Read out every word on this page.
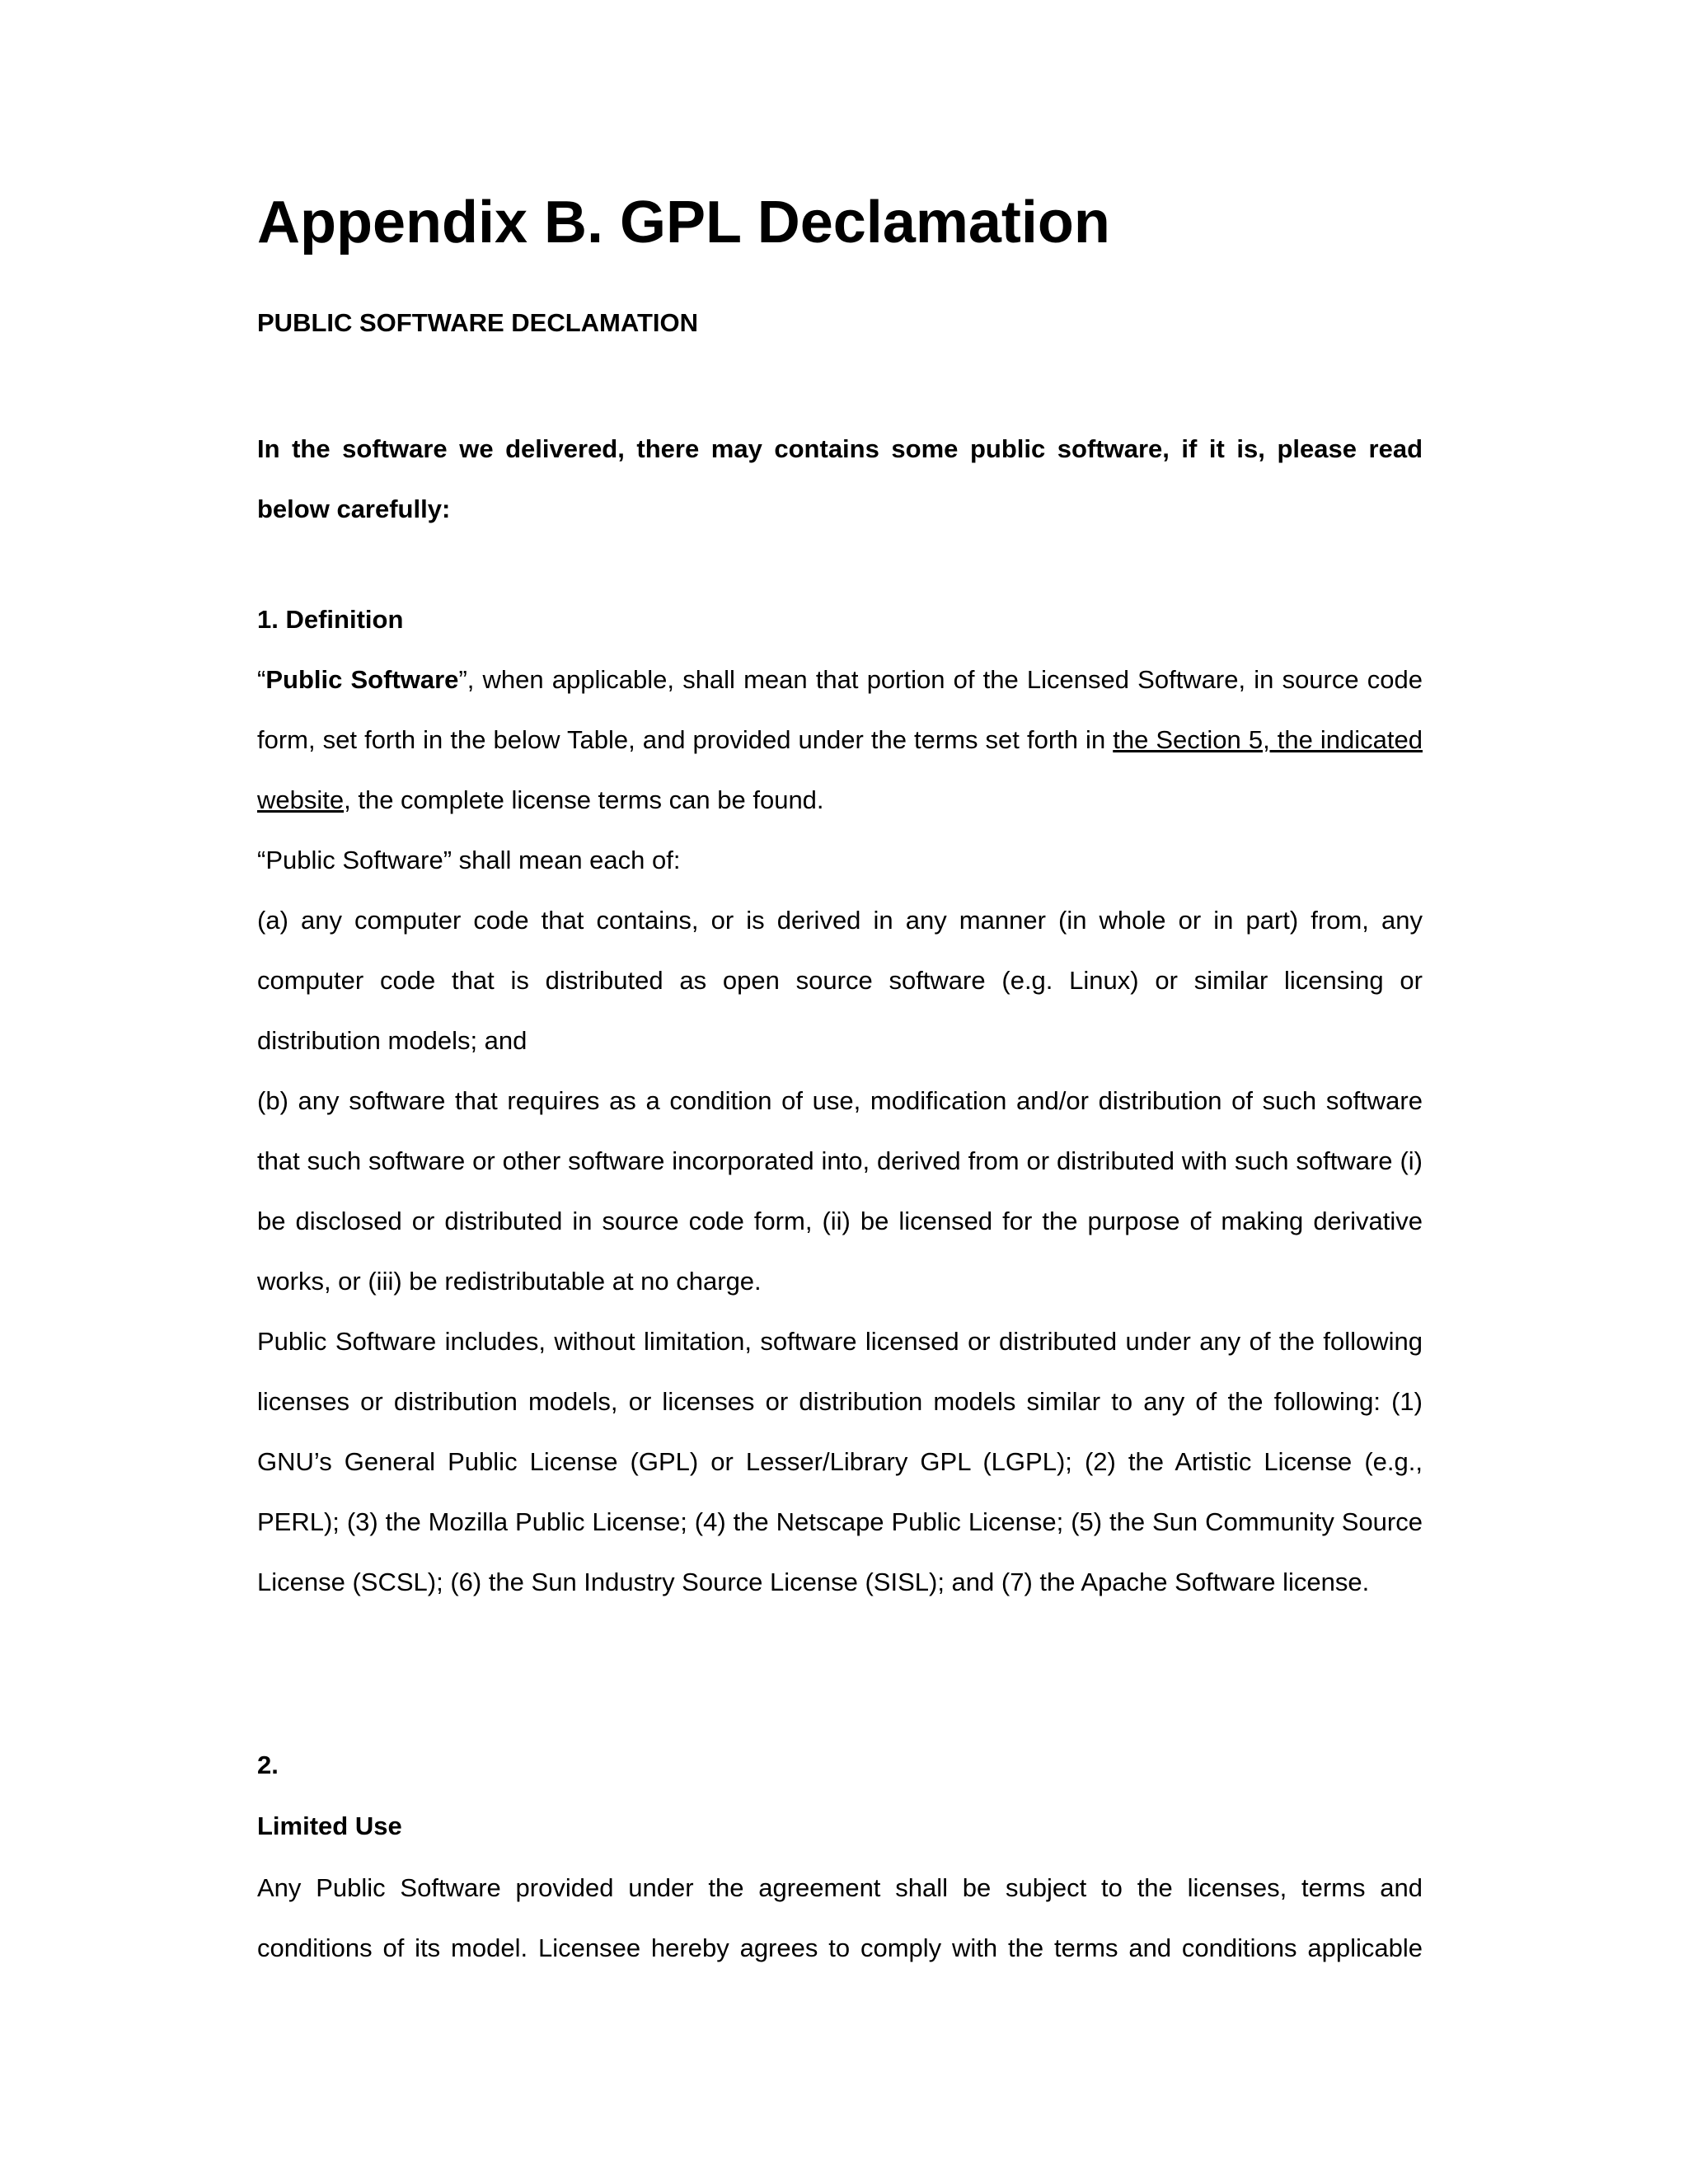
Appendix B. GPL Declamation
PUBLIC SOFTWARE DECLAMATION

In the software we delivered, there may contains some public software, if it is, please read below carefully:

1. Definition

“Public Software”, when applicable, shall mean that portion of the Licensed Software, in source code form, set forth in the below Table, and provided under the terms set forth in the Section 5, the indicated website, the complete license terms can be found.

“Public Software” shall mean each of:

(a) any computer code that contains, or is derived in any manner (in whole or in part) from, any computer code that is distributed as open source software (e.g. Linux) or similar licensing or distribution models; and

(b) any software that requires as a condition of use, modification and/or distribution of such software that such software or other software incorporated into, derived from or distributed with such software (i) be disclosed or distributed in source code form, (ii) be licensed for the purpose of making derivative works, or (iii) be redistributable at no charge.

Public Software includes, without limitation, software licensed or distributed under any of the following licenses or distribution models, or licenses or distribution models similar to any of the following: (1) GNU’s General Public License (GPL) or Lesser/Library GPL (LGPL); (2) the Artistic License (e.g., PERL); (3) the Mozilla Public License; (4) the Netscape Public License; (5) the Sun Community Source License (SCSL); (6) the Sun Industry Source License (SISL); and (7) the Apache Software license.

2.
Limited Use

Any Public Software provided under the agreement shall be subject to the licenses, terms and conditions of its model. Licensee hereby agrees to comply with the terms and conditions applicable
